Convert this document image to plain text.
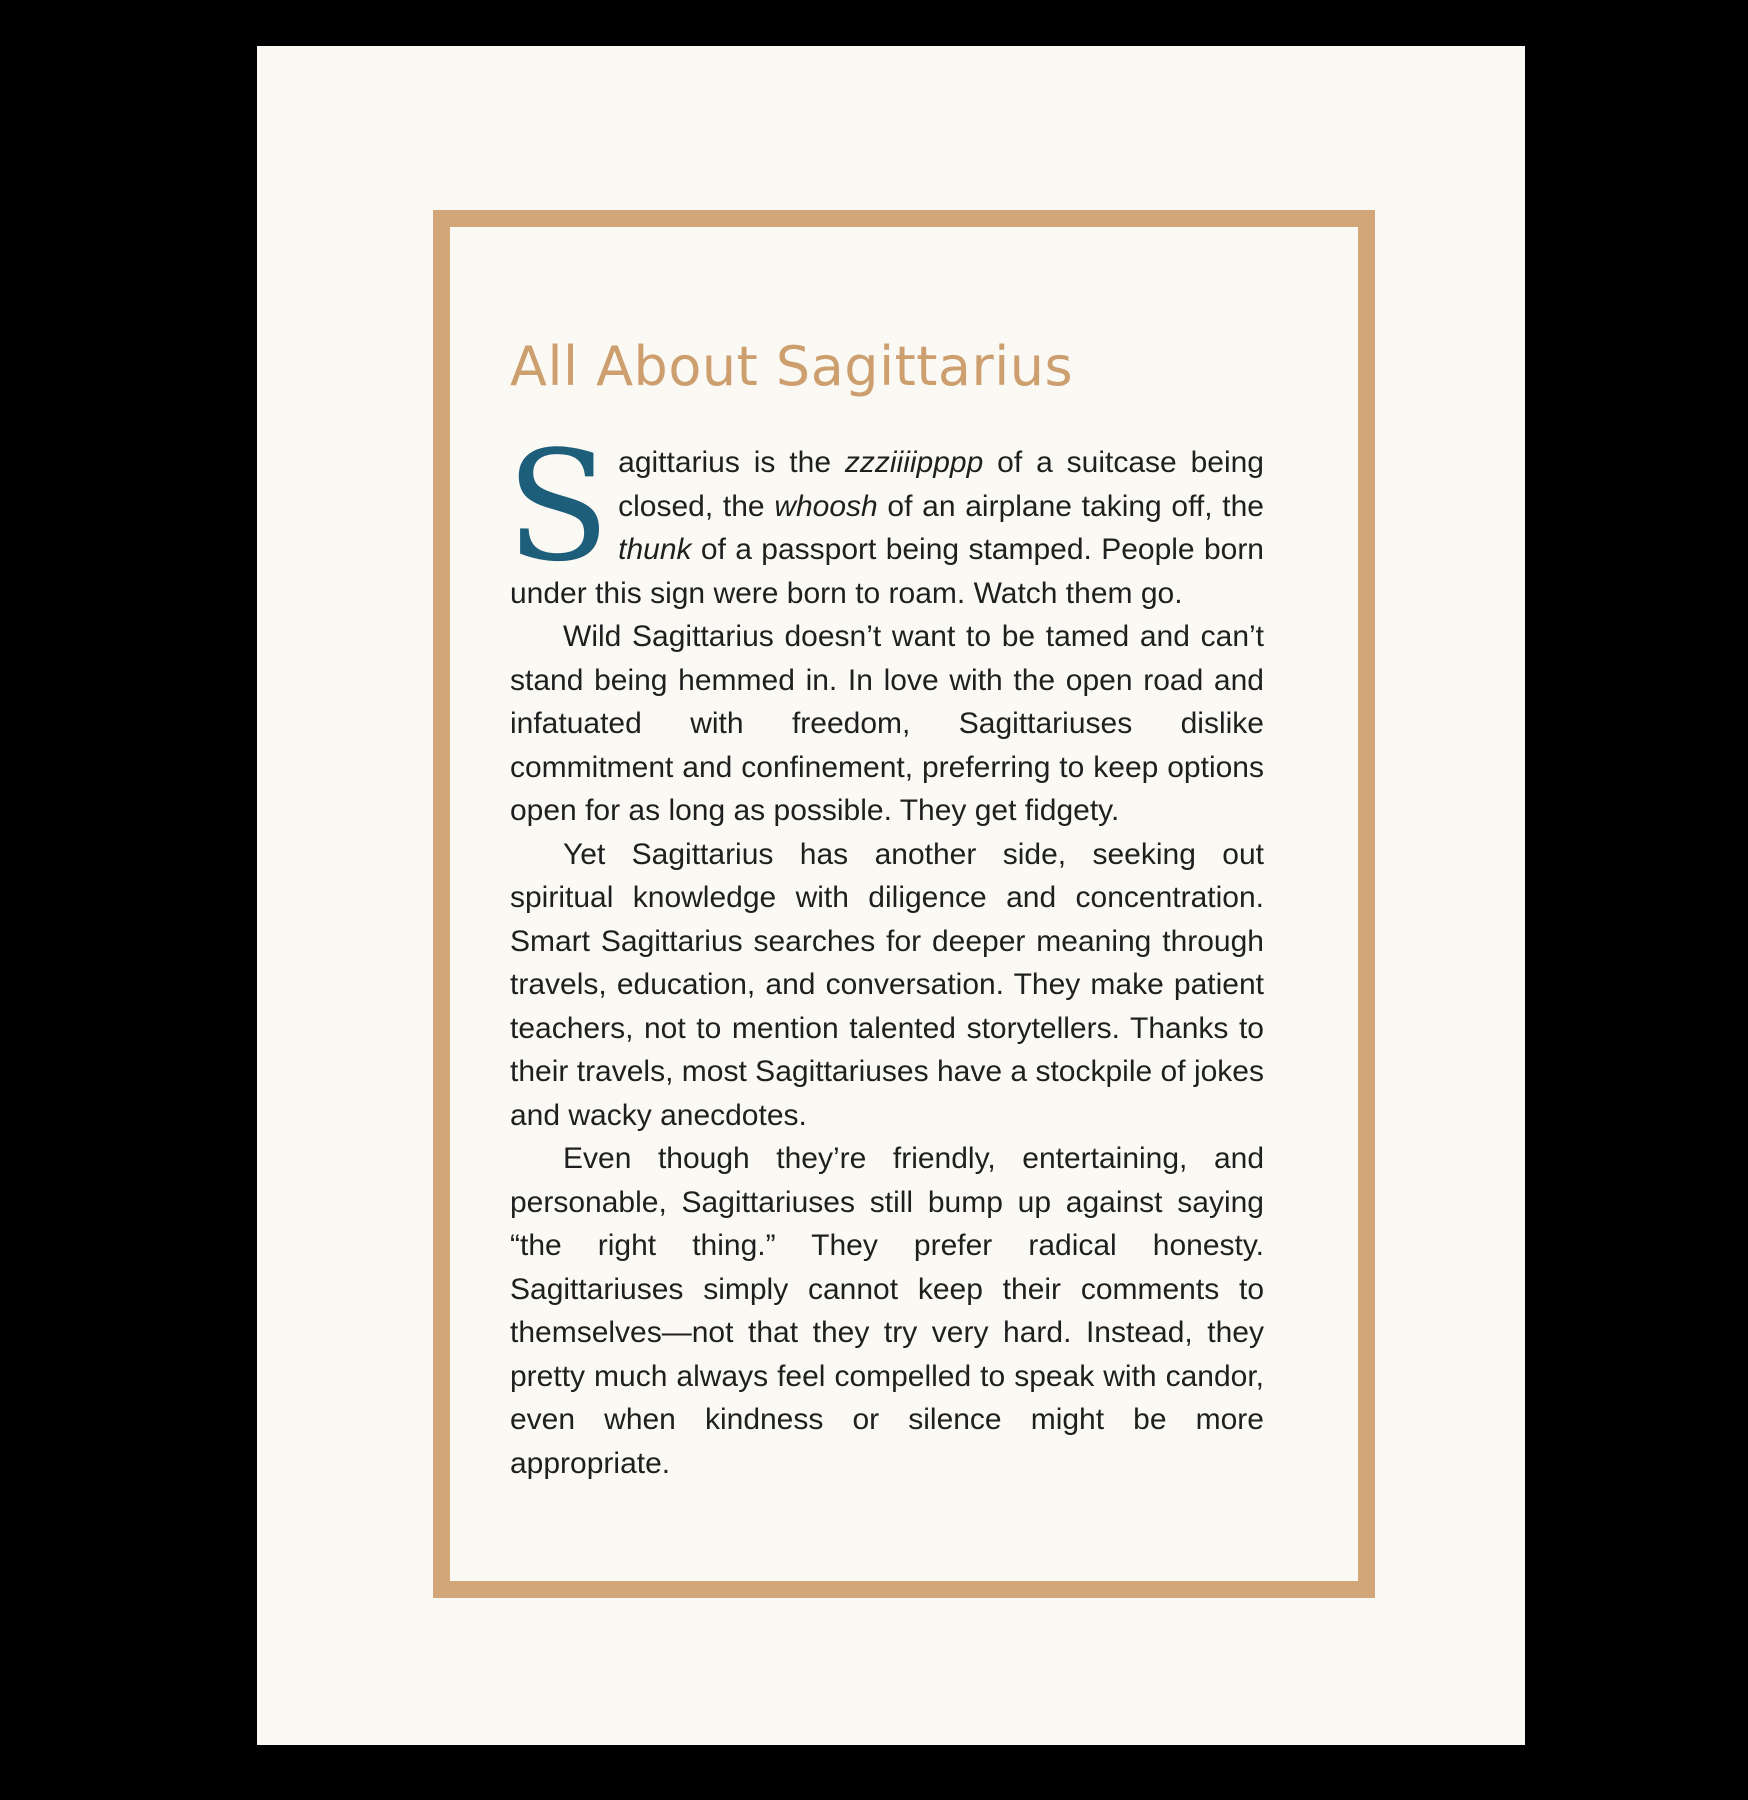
All About Sagittarius

Sagittarius is the zzziiiipppp of a suitcase being closed, the whoosh of an airplane taking off, the thunk of a passport being stamped. People born under this sign were born to roam. Watch them go.

Wild Sagittarius doesn’t want to be tamed and can’t stand being hemmed in. In love with the open road and infatuated with freedom, Sagittariuses dislike commitment and confinement, preferring to keep options open for as long as possible. They get fidgety.

Yet Sagittarius has another side, seeking out spiritual knowledge with diligence and concentration. Smart Sagittarius searches for deeper meaning through travels, education, and conversation. They make patient teachers, not to mention talented storytellers. Thanks to their travels, most Sagittariuses have a stockpile of jokes and wacky anecdotes.

Even though they’re friendly, entertaining, and personable, Sagittariuses still bump up against saying “the right thing.” They prefer radical honesty. Sagittariuses simply cannot keep their comments to themselves—not that they try very hard. Instead, they pretty much always feel compelled to speak with candor, even when kindness or silence might be more appropriate.
